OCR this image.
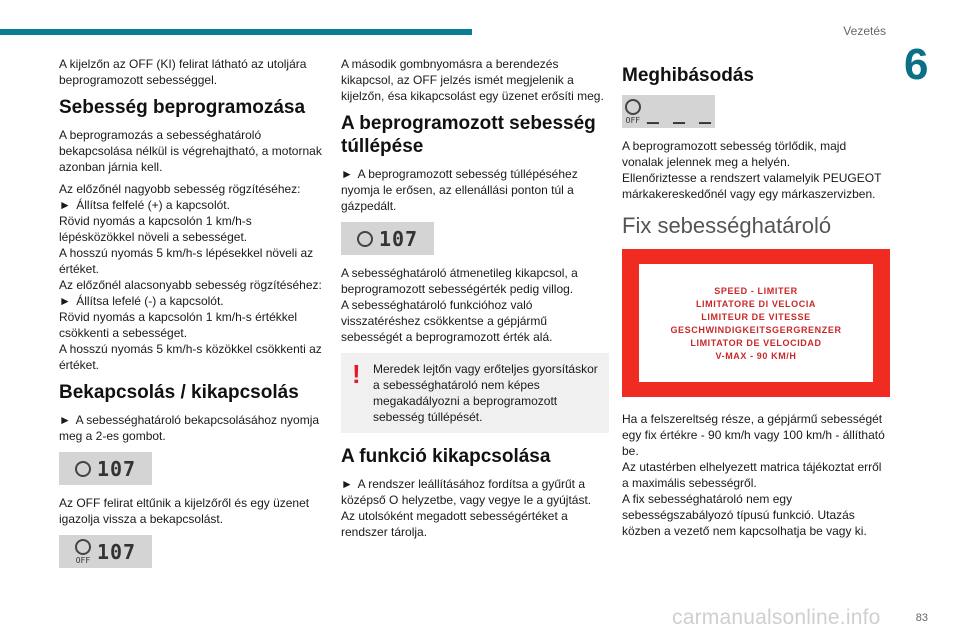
Vezetés
6

A kijelzőn az OFF (KI) felirat látható az utoljára beprogramozott sebességgel.

Sebesség beprogramozása

A beprogramozás a sebességhatároló bekapcsolása nélkül is végrehajtható, a motornak azonban járnia kell.

Az előzőnél nagyobb sebesség rögzítéséhez:

► Állítsa felfelé (+) a kapcsolót.

Rövid nyomás a kapcsolón 1 km/h-s lépésközökkel növeli a sebességet.

A hosszú nyomás 5 km/h-s lépésekkel növeli az értéket.

Az előzőnél alacsonyabb sebesség rögzítéséhez:

► Állítsa lefelé (-) a kapcsolót.

Rövid nyomás a kapcsolón 1 km/h-s értékkel csökkenti a sebességet.

A hosszú nyomás 5 km/h-s közökkel csökkenti az értéket.

Bekapcsolás / kikapcsolás

► A sebességhatároló bekapcsolásához nyomja meg a 2-es gombot.

107

Az OFF felirat eltűnik a kijelzőről és egy üzenet igazolja vissza a bekapcsolást.

OFF 107

A második gombnyomásra a berendezés kikapcsol, az OFF jelzés ismét megjelenik a kijelzőn, ésa kikapcsolást egy üzenet erősíti meg.

A beprogramozott sebesség túllépése

► A beprogramozott sebesség túllépéséhez nyomja le erősen, az ellenállási ponton túl a gázpedált.

107

A sebességhatároló átmenetileg kikapcsol, a beprogramozott sebességérték pedig villog.

A sebességhatároló funkcióhoz való visszatéréshez csökkentse a gépjármű sebességét a beprogramozott érték alá.

! Meredek lejtőn vagy erőteljes gyorsításkor a sebességhatároló nem képes megakadályozni a beprogramozott sebesség túllépését.

A funkció kikapcsolása

► A rendszer leállításához fordítsa a gyűrűt a középső O helyzetbe, vagy vegye le a gyújtást.

Az utolsóként megadott sebességértéket a rendszer tárolja.

Meghibásodás

OFF _ _ _

A beprogramozott sebesség törlődik, majd vonalak jelennek meg a helyén.

Ellenőriztesse a rendszert valamelyik PEUGEOT márkakereskedőnél vagy egy márkaszervizben.

Fix sebességhatároló
SPEED - LIMITER
LIMITATORE DI VELOCIA
LIMITEUR DE VITESSE
GESCHWINDIGKEITSGERGRENZER
LIMITATOR DE VELOCIDAD
V-MAX - 90 KM/H

Ha a felszereltség része, a gépjármű sebességét egy fix értékre - 90 km/h vagy 100 km/h - állítható be.

Az utastérben elhelyezett matrica tájékoztat erről a maximális sebességről.

A fix sebességhatároló nem egy sebességszabályozó típusú funkció. Utazás közben a vezető nem kapcsolhatja be vagy ki.

carmanualsonline.info	83
